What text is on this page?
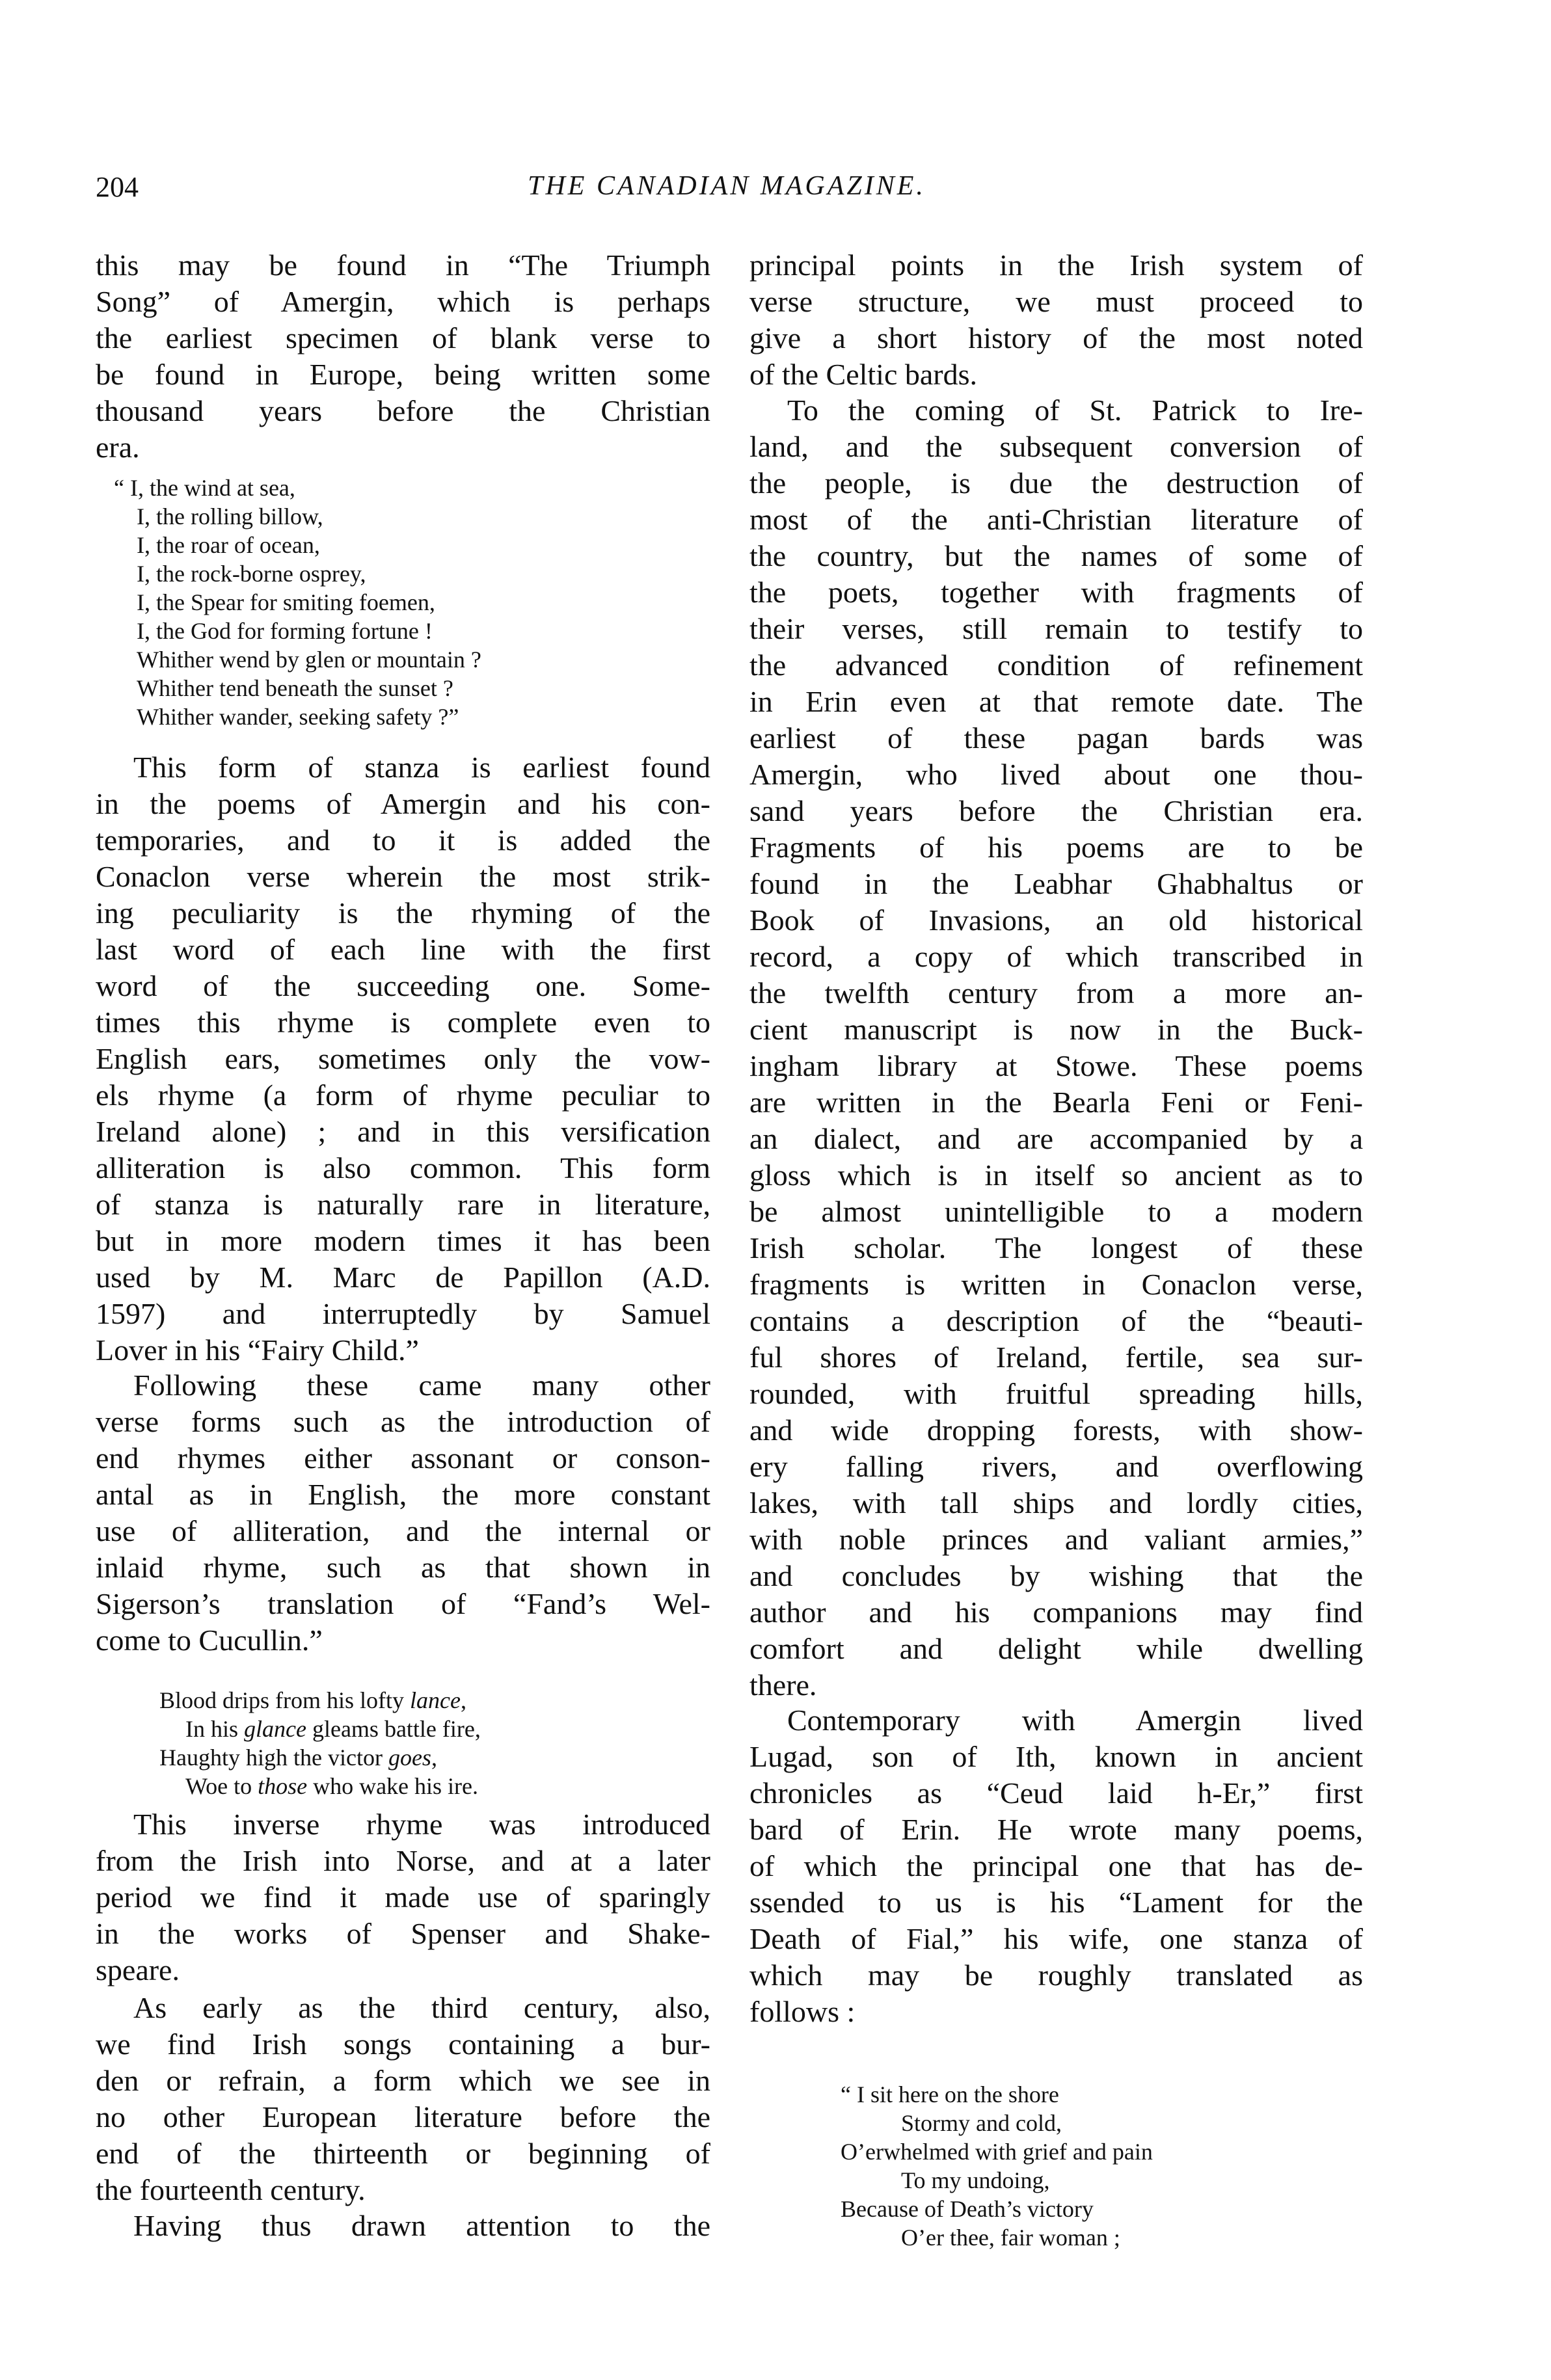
204	THE CANADIAN MAGAZINE.
this may be found in “The Triumph
Song” of Amergin, which is perhaps
the earliest specimen of blank verse to
be found in Europe, being written some
thousand years before the Christian
era.
“ I, the wind at sea,
I, the rolling billow,
I, the roar of ocean,
I, the rock-borne osprey,
I, the Spear for smiting foemen,
I, the God for forming fortune !
Whither wend by glen or mountain ?
Whither tend beneath the sunset ?
Whither wander, seeking safety ?”
This form of stanza is earliest found
in the poems of Amergin and his con-
temporaries, and to it is added the
Conaclon verse wherein the most strik-
ing peculiarity is the rhyming of the
last word of each line with the first
word of the succeeding one. Some-
times this rhyme is complete even to
English ears, sometimes only the vow-
els rhyme (a form of rhyme peculiar to
Ireland alone) ; and in this versification
alliteration is also common. This form
of stanza is naturally rare in literature,
but in more modern times it has been
used by M. Marc de Papillon (A.D.
1597) and interruptedly by Samuel
Lover in his “Fairy Child.”
Following these came many other
verse forms such as the introduction of
end rhymes either assonant or conson-
antal as in English, the more constant
use of alliteration, and the internal or
inlaid rhyme, such as that shown in
Sigerson’s translation of “Fand’s Wel-
come to Cucullin.”
Blood drips from his lofty lance,
In his glance gleams battle fire,
Haughty high the victor goes,
Woe to those who wake his ire.
This inverse rhyme was introduced
from the Irish into Norse, and at a later
period we find it made use of sparingly
in the works of Spenser and Shake-
speare.
As early as the third century, also,
we find Irish songs containing a bur-
den or refrain, a form which we see in
no other European literature before the
end of the thirteenth or beginning of
the fourteenth century.
Having thus drawn attention to the
principal points in the Irish system of
verse structure, we must proceed to
give a short history of the most noted
of the Celtic bards.
To the coming of St. Patrick to Ire-
land, and the subsequent conversion of
the people, is due the destruction of
most of the anti-Christian literature of
the country, but the names of some of
the poets, together with fragments of
their verses, still remain to testify to
the advanced condition of refinement
in Erin even at that remote date. The
earliest of these pagan bards was
Amergin, who lived about one thou-
sand years before the Christian era.
Fragments of his poems are to be
found in the Leabhar Ghabhaltus or
Book of Invasions, an old historical
record, a copy of which transcribed in
the twelfth century from a more an-
cient manuscript is now in the Buck-
ingham library at Stowe. These poems
are written in the Bearla Feni or Feni-
an dialect, and are accompanied by a
gloss which is in itself so ancient as to
be almost unintelligible to a modern
Irish scholar. The longest of these
fragments is written in Conaclon verse,
contains a description of the “beauti-
ful shores of Ireland, fertile, sea sur-
rounded, with fruitful spreading hills,
and wide dropping forests, with show-
ery falling rivers, and overflowing
lakes, with tall ships and lordly cities,
with noble princes and valiant armies,”
and concludes by wishing that the
author and his companions may find
comfort and delight while dwelling
there.
Contemporary with Amergin lived
Lugad, son of Ith, known in ancient
chronicles as “Ceud laid h-Er,” first
bard of Erin. He wrote many poems,
of which the principal one that has de-
ssended to us is his “Lament for the
Death of Fial,” his wife, one stanza of
which may be roughly translated as
follows :
“ I sit here on the shore
Stormy and cold,
O’erwhelmed with grief and pain
To my undoing,
Because of Death’s victory
O’er thee, fair woman ;
